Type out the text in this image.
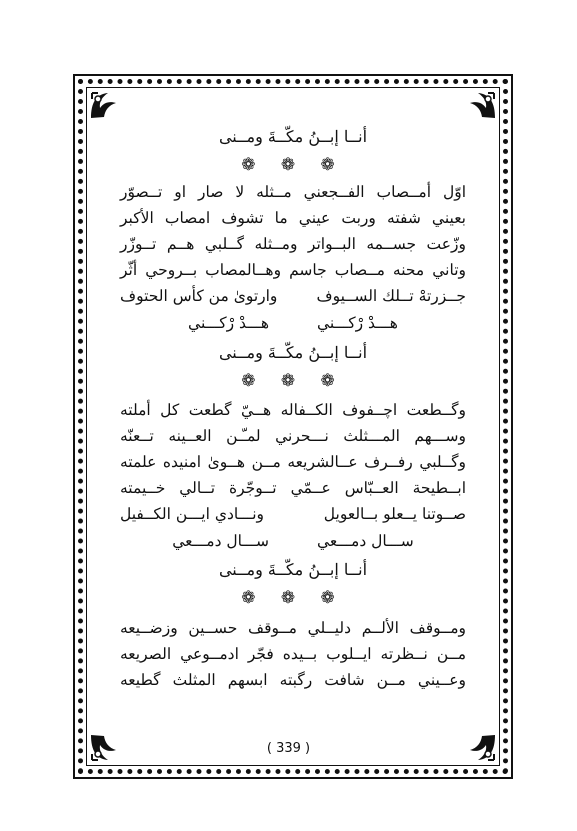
أنــا إبــنُ مكّــةَ ومــنى
❁ ❁ ❁
اوّل أمــصاب الفــجعني مــثله لا صار او تــصوّر
بعيني شفته وربت عيني ما تشوف امصاب الأكبر
وزّعت جســمه البــواتر ومــثله گــلبي هــم تــوزّر
وتاني محنه مــصاب جاسم وهــالمصاب بــروحي أثّر
جــزرتهْ تــلك الســيوف
وارتوىٰ من كأس الحتوف
هـــدْ رْكـــني
هـــدْ رْكـــني
أنــا إبــنُ مكّــةَ ومــنى
❁ ❁ ❁
وگــطعت اچــفوف الكــفاله هــيّ گطعت كل أملته
وســـهم المـــثلث نـــحرني لمـّـن العــينه تــعنّه
وگــلبي رفــرف عــالشريعه مــن هــوىٰ امنيده علمته
ابــطيحة العــبّاس عــمّي تــوجّرة تــالي خــيمته
صــوتنا يــعلو بــالعويل
ونـــادي ايـــن الكــفيل
ســـال دمـــعي
ســـال دمـــعي
أنــا إبــنُ مكّــةَ ومــنى
❁ ❁ ❁
ومــوقف الألــم دليــلي مــوقف حســين وزضــيعه
مــن نــظرته ايــلوب بــيده فجّر ادمــوعي الصريعه
وعــيني مــن شافت رگبته ابسهم المثلث گطيعه
( 339 )
